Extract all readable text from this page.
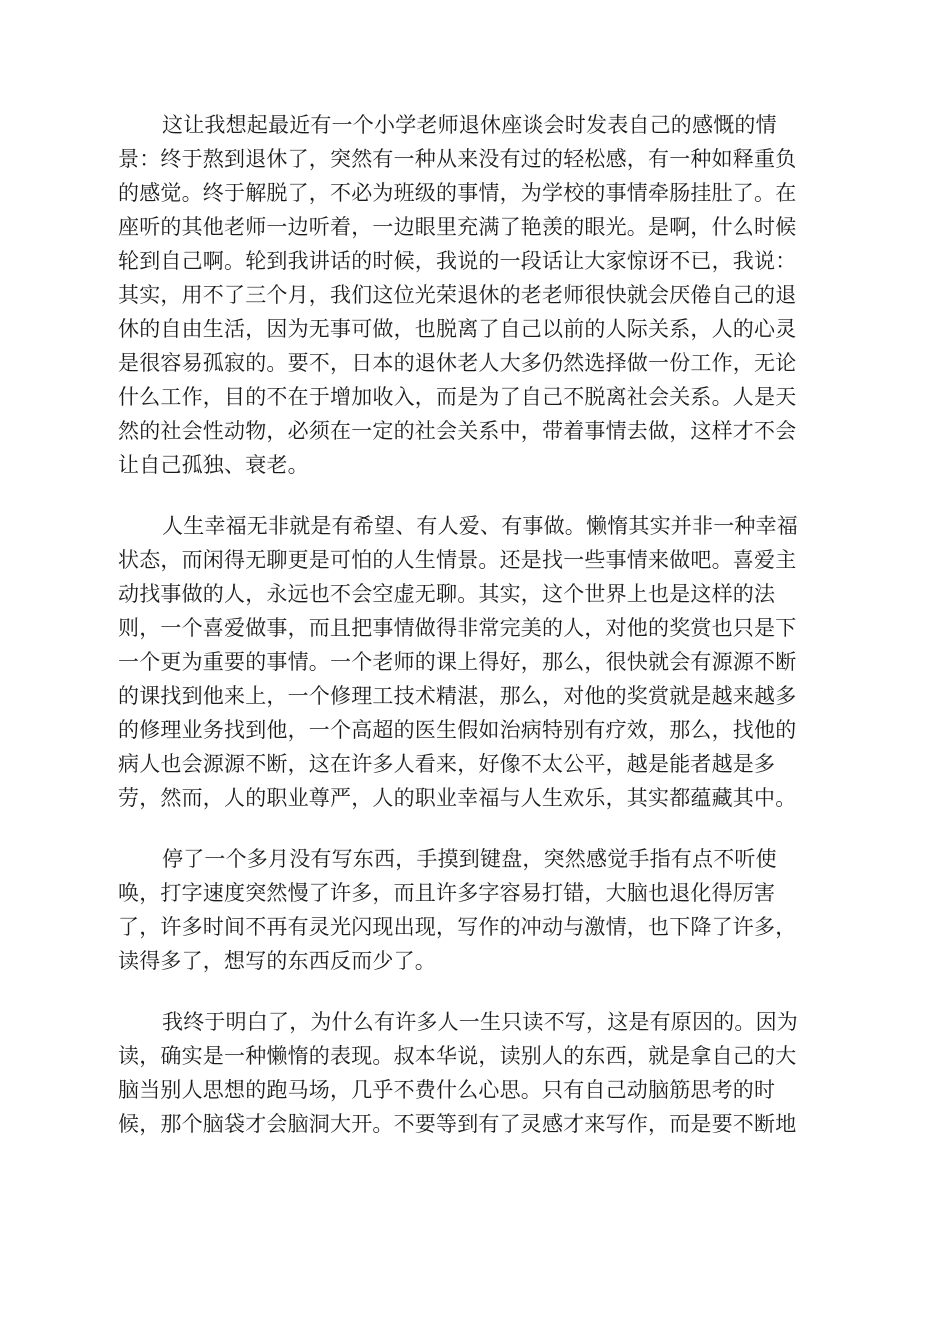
这让我想起最近有一个小学老师退休座谈会时发表自己的感慨的情
景：终于熬到退休了，突然有一种从来没有过的轻松感，有一种如释重负
的感觉。终于解脱了，不必为班级的事情，为学校的事情牵肠挂肚了。在
座听的其他老师一边听着，一边眼里充满了艳羡的眼光。是啊，什么时候
轮到自己啊。轮到我讲话的时候，我说的一段话让大家惊讶不已，我说：
其实，用不了三个月，我们这位光荣退休的老老师很快就会厌倦自己的退
休的自由生活，因为无事可做，也脱离了自己以前的人际关系，人的心灵
是很容易孤寂的。要不，日本的退休老人大多仍然选择做一份工作，无论
什么工作，目的不在于增加收入，而是为了自己不脱离社会关系。人是天
然的社会性动物，必须在一定的社会关系中，带着事情去做，这样才不会
让自己孤独、衰老。
人生幸福无非就是有希望、有人爱、有事做。懒惰其实并非一种幸福
状态，而闲得无聊更是可怕的人生情景。还是找一些事情来做吧。喜爱主
动找事做的人，永远也不会空虚无聊。其实，这个世界上也是这样的法
则，一个喜爱做事，而且把事情做得非常完美的人，对他的奖赏也只是下
一个更为重要的事情。一个老师的课上得好，那么，很快就会有源源不断
的课找到他来上，一个修理工技术精湛，那么，对他的奖赏就是越来越多
的修理业务找到他，一个高超的医生假如治病特别有疗效，那么，找他的
病人也会源源不断，这在许多人看来，好像不太公平，越是能者越是多
劳，然而，人的职业尊严，人的职业幸福与人生欢乐，其实都蕴藏其中。
停了一个多月没有写东西，手摸到键盘，突然感觉手指有点不听使
唤，打字速度突然慢了许多，而且许多字容易打错，大脑也退化得厉害
了，许多时间不再有灵光闪现出现，写作的冲动与激情，也下降了许多，
读得多了，想写的东西反而少了。
我终于明白了，为什么有许多人一生只读不写，这是有原因的。因为
读，确实是一种懒惰的表现。叔本华说，读别人的东西，就是拿自己的大
脑当别人思想的跑马场，几乎不费什么心思。只有自己动脑筋思考的时
候，那个脑袋才会脑洞大开。不要等到有了灵感才来写作，而是要不断地
